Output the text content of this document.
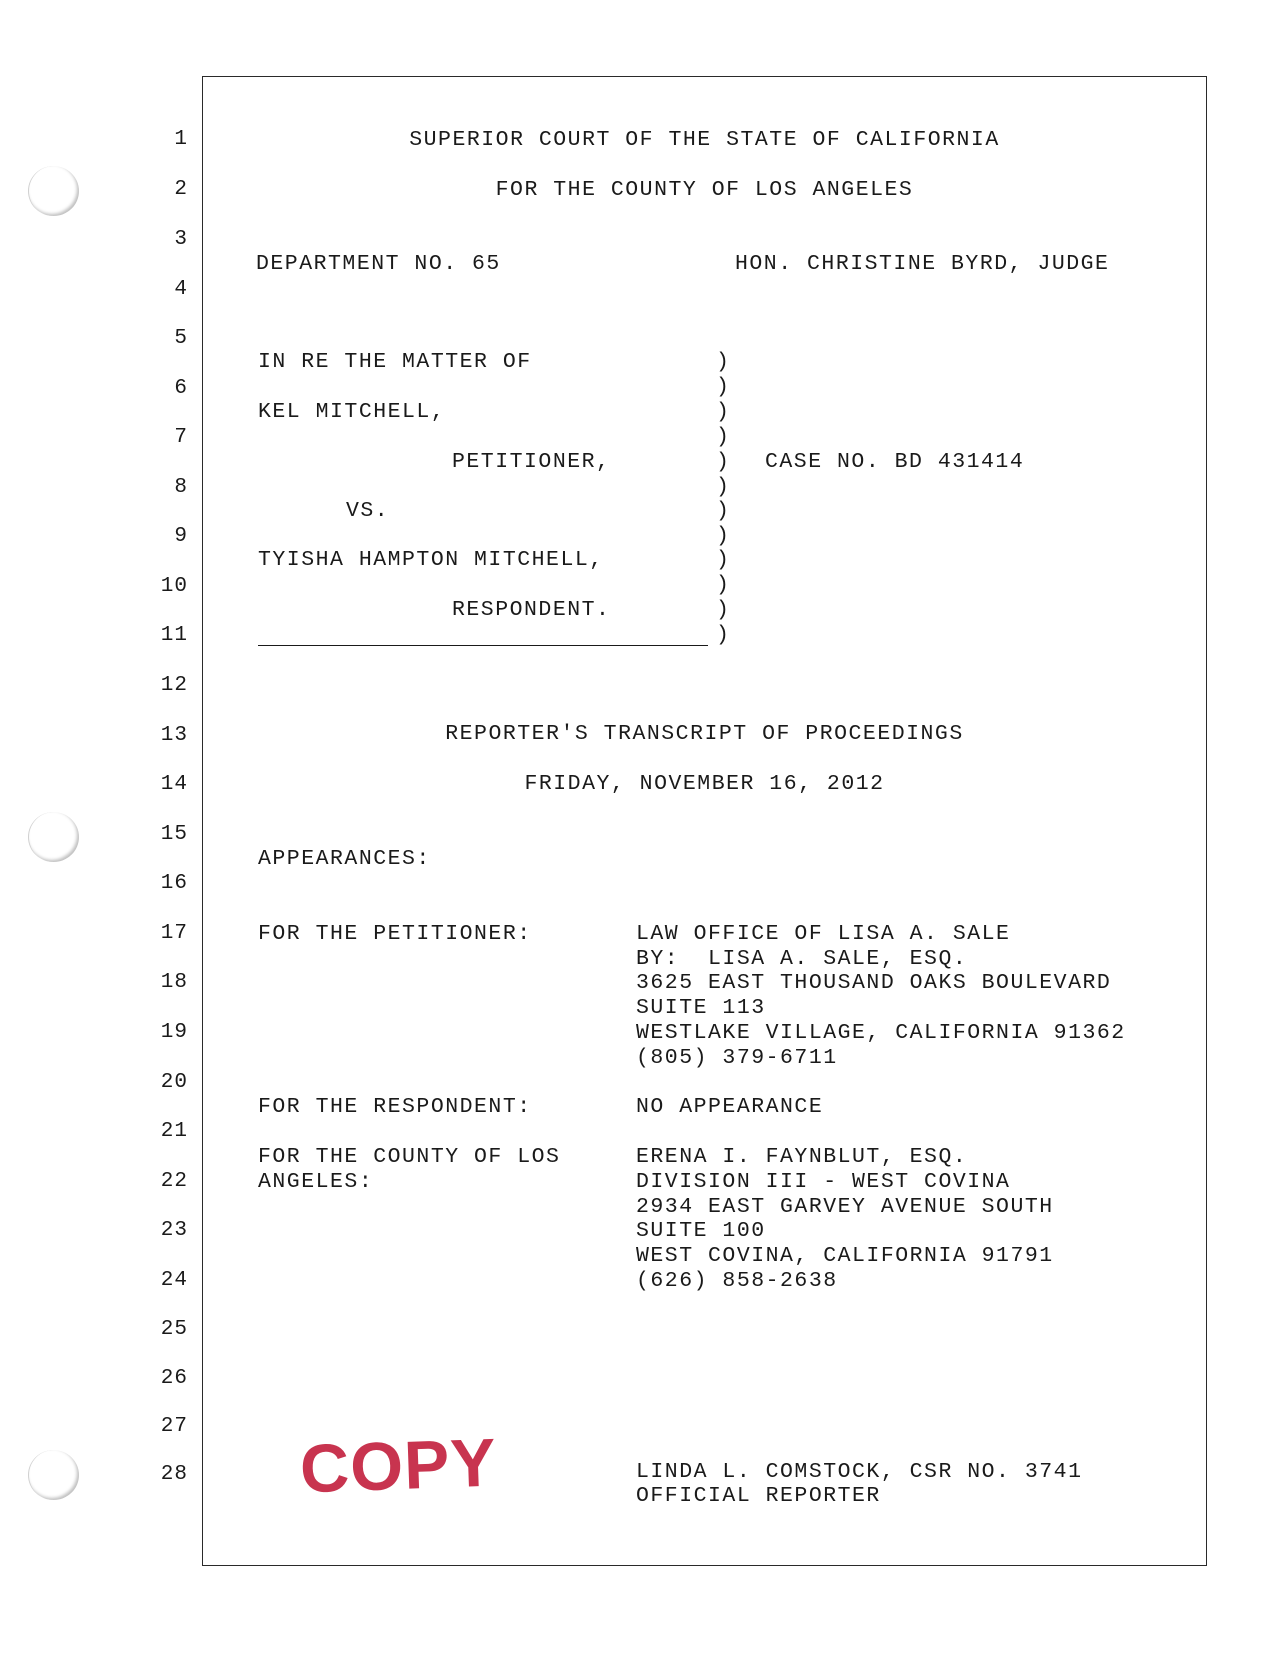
1
2
3
4
5
6
7
8
9
10
11
12
13
14
15
16
17
18
19
20
21
22
23
24
25
26
27
28
SUPERIOR COURT OF THE STATE OF CALIFORNIA
FOR THE COUNTY OF LOS ANGELES
DEPARTMENT NO. 65	HON. CHRISTINE BYRD, JUDGE
IN RE THE MATTER OF
KEL MITCHELL,
PETITIONER,
VS.
TYISHA HAMPTON MITCHELL,
RESPONDENT.
)
)
)
)
)
)
)
)
)
)
)
)
CASE NO. BD 431414
REPORTER'S TRANSCRIPT OF PROCEEDINGS
FRIDAY, NOVEMBER 16, 2012
APPEARANCES:
FOR THE PETITIONER:	LAW OFFICE OF LISA A. SALE
BY:  LISA A. SALE, ESQ.
3625 EAST THOUSAND OAKS BOULEVARD
SUITE 113
WESTLAKE VILLAGE, CALIFORNIA 91362
(805) 379-6711
FOR THE RESPONDENT:	NO APPEARANCE
FOR THE COUNTY OF LOS
ANGELES:
ERENA I. FAYNBLUT, ESQ.
DIVISION III - WEST COVINA
2934 EAST GARVEY AVENUE SOUTH
SUITE 100
WEST COVINA, CALIFORNIA 91791
(626) 858-2638
COPY	LINDA L. COMSTOCK, CSR NO. 3741
OFFICIAL REPORTER
